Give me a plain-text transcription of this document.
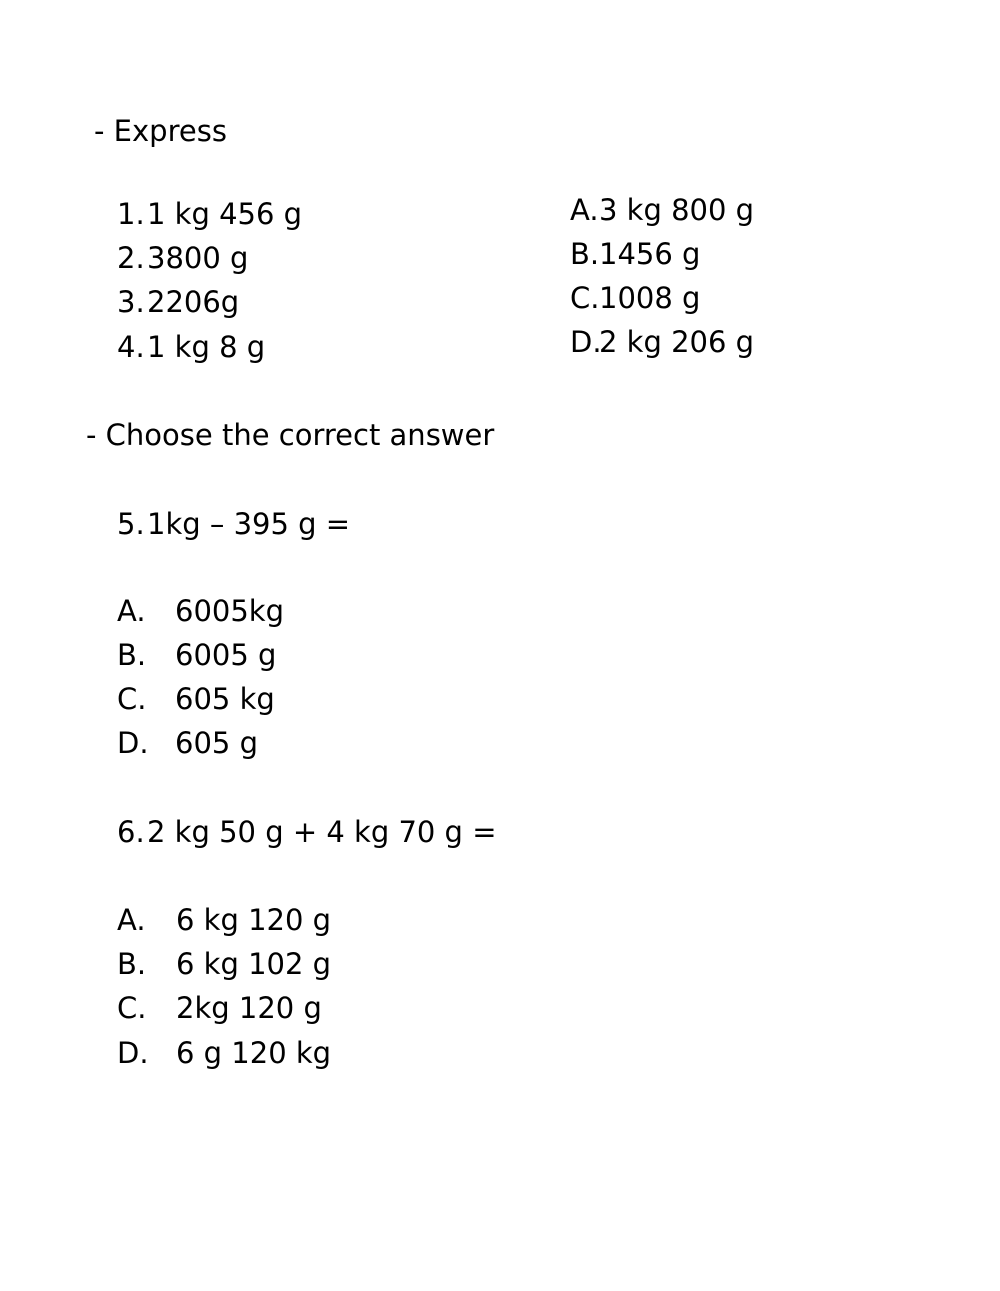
- Express
1. 1 kg 456 g
2. 3800 g
3. 2206g
4. 1 kg 8 g
A. 3 kg 800 g
B. 1456 g
C. 1008 g
D.
2 kg 206 g
- Choose the correct answer
5. 1kg – 395 g =
A.	6005kg
B. 6005 g
C. 605 kg
D. 605 g
6. 2 kg 50 g + 4 kg 70 g =
A.	6 kg 120 g
B.	6 kg 102 g
C.	2kg 120 g
D. 6 g 120 kg
